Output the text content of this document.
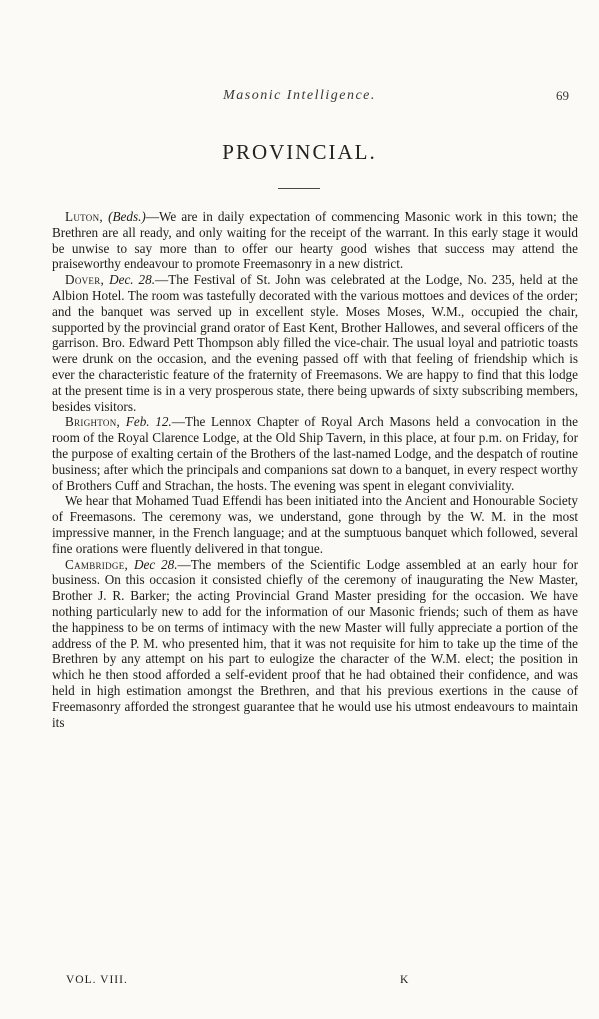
Masonic Intelligence.	69
PROVINCIAL.

Luton, (Beds.)—We are in daily expectation of commencing Masonic work in this town; the Brethren are all ready, and only waiting for the receipt of the warrant. In this early stage it would be unwise to say more than to offer our hearty good wishes that success may attend the praiseworthy endeavour to promote Freemasonry in a new district.

Dover, Dec. 28.—The Festival of St. John was celebrated at the Lodge, No. 235, held at the Albion Hotel. The room was tastefully decorated with the various mottoes and devices of the order; and the banquet was served up in excellent style. Moses Moses, W.M., occupied the chair, supported by the provincial grand orator of East Kent, Brother Hallowes, and several officers of the garrison. Bro. Edward Pett Thompson ably filled the vice-chair. The usual loyal and patriotic toasts were drunk on the occasion, and the evening passed off with that feeling of friendship which is ever the characteristic feature of the fraternity of Freemasons. We are happy to find that this lodge at the present time is in a very prosperous state, there being upwards of sixty subscribing members, besides visitors.

Brighton, Feb. 12.—The Lennox Chapter of Royal Arch Masons held a convocation in the room of the Royal Clarence Lodge, at the Old Ship Tavern, in this place, at four p.m. on Friday, for the purpose of exalting certain of the Brothers of the last-named Lodge, and the despatch of routine business; after which the principals and companions sat down to a banquet, in every respect worthy of Brothers Cuff and Strachan, the hosts. The evening was spent in elegant conviviality.

We hear that Mohamed Tuad Effendi has been initiated into the Ancient and Honourable Society of Freemasons. The ceremony was, we understand, gone through by the W. M. in the most impressive manner, in the French language; and at the sumptuous banquet which followed, several fine orations were fluently delivered in that tongue.

Cambridge, Dec 28.—The members of the Scientific Lodge assembled at an early hour for business. On this occasion it consisted chiefly of the ceremony of inaugurating the New Master, Brother J. R. Barker; the acting Provincial Grand Master presiding for the occasion. We have nothing particularly new to add for the information of our Masonic friends; such of them as have the happiness to be on terms of intimacy with the new Master will fully appreciate a portion of the address of the P. M. who presented him, that it was not requisite for him to take up the time of the Brethren by any attempt on his part to eulogize the character of the W.M. elect; the position in which he then stood afforded a self-evident proof that he had obtained their confidence, and was held in high estimation amongst the Brethren, and that his previous exertions in the cause of Freemasonry afforded the strongest guarantee that he would use his utmost endeavours to maintain its

VOL. VIII.	K
